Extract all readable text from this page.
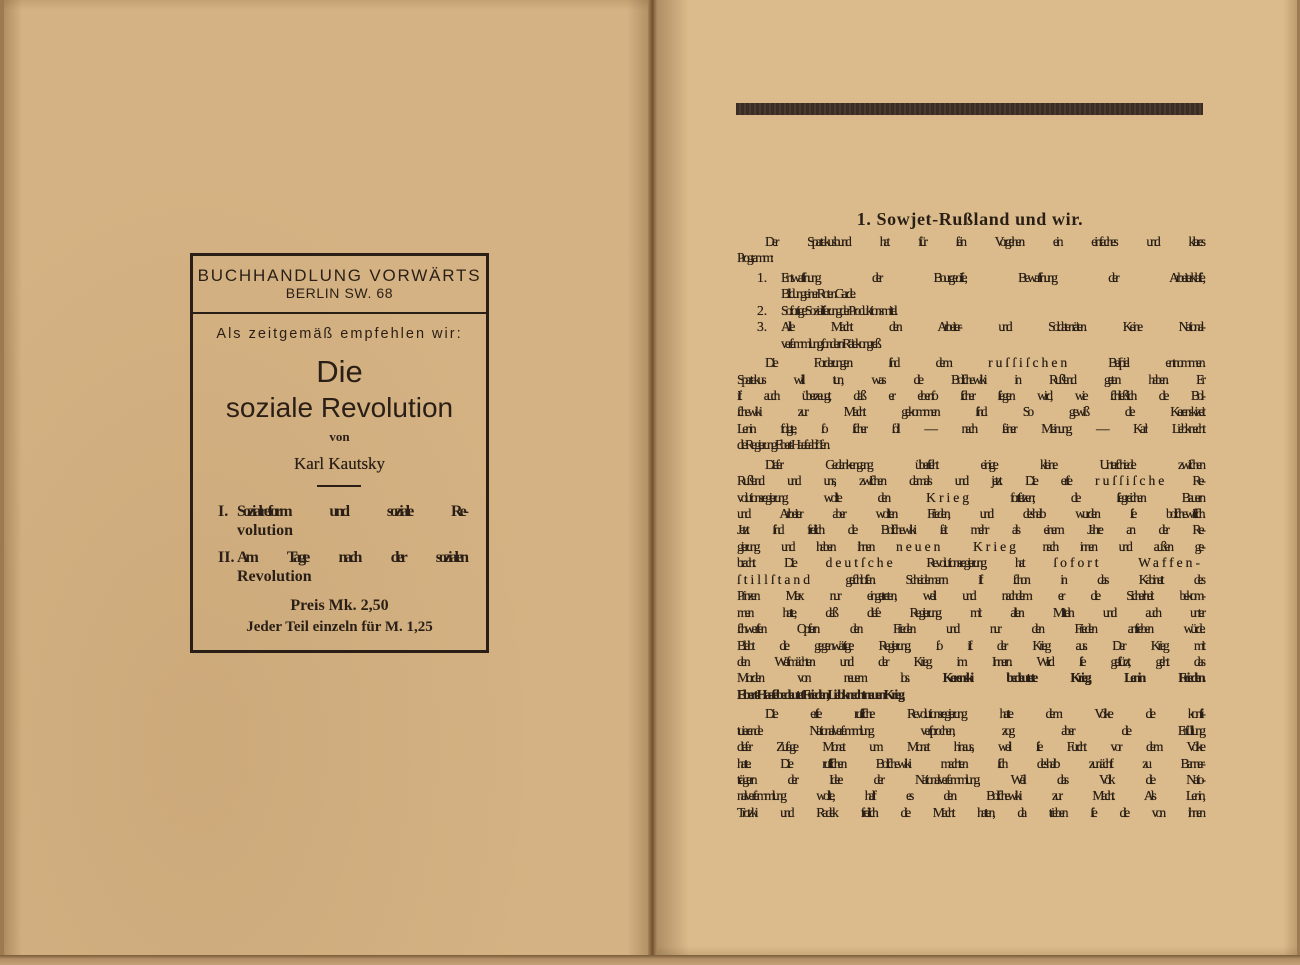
BUCHHANDLUNG VORWÄRTS
BERLIN SW. 68
Als zeitgemäß empfehlen wir:
Die
soziale Revolution
von
Karl Kautsky
I. Sozialreform und soziale Re-
volution
II. Am Tage nach der sozialen
Revolution
Preis Mk. 2,50
Jeder Teil einzeln für M. 1,25
1. Sowjet-Rußland und wir.
Der Spartakusbund hat für ſein Vorgehen ein einfaches und klares
Programm:
1. Entwaffnung der Bourgeoiſie, Bewaffnung der Arbeiterklaſſe,
Bildung einer Roten Garde.
2. Sofortige Sozialiſierung der Produktionsmittel.
3. Alle Macht den Arbeiter- und Soldatenräten. Keine National-
verſammlung, ſondern Rätekongreß.
Die Forderungen ſind dem ruſſiſchen Beiſpiel entnommen.
Spartakus will tun, was die Bolſchewiki in Rußland getan haben. Er
iſt auch überzeugt, daß er ebenſo ſicher ſiegen wird, wie ſchließlich die Bol-
ſchewiki zur Macht gekommen ſind. So gewiß die Kerenskizeit
Lenin folgte, ſo ſicher ſoll — nach ſeiner Meinung — Karl Liebknecht
die Regierung Ebert-Haaſe ablöſen.
Dieſer Gedankengang überſieht einige kleine Unterſchiede zwiſchen
Rußland und uns, zwiſchen damals und jetzt. Die erſte ruſſiſche Re-
volutionsregierung wollte den Krieg fortſetzen; die ſiegreichen Bauern
und Arbeiter aber wollten Frieden, und deshalb wurden ſie bolſchewiſtiſch.
Jetzt ſind freilich die Bolſchewiki ſeit mehr als einem Jahre an der Re-
gierung und haben ihnen neuen Krieg nach innen und außen ge-
bracht. Die deutſche Revolutionsregierung hat ſofort Waffen-
ſtillſtand geſchloſſen. Scheidemann iſt ſchon in das Kabinett des
Prinzen Max nur eingetreten, weil und nachdem er die Sicherheit bekom-
men hatte, daß dieſe Regierung mit allen Mitteln und auch unter
ſchwerſten Opfern den Frieden und nur den Frieden anſtreben würde.
Bleibt die gegenwärtige Regierung, ſo iſt der Krieg aus. Der Krieg mit
den Weſtmächten und der Krieg im Innern. Wird ſie geſtürzt, geht das
Morden von neuem los. Kerenski bedeutete Krieg, Lenin Frieden.
Ebert-Haaſe bedeutet Frieden, Liebknecht neuen Krieg.
Die erſte ruſſiſche Revolutionsregierung hatte dem Volke die konſti-
tuierende Nationalverſammlung verſprochen, zog aber die Erfüllung
dieſer Zuſage Monat um Monat hinaus, weil ſie Furcht vor dem Volke
hatte. Die ruſſiſchen Bolſchewiki machten ſich deshalb zunächſt zu Banner-
trägern der Idee der Nationalverſammlung. Weil das Volk die Natio-
nalverſammlung wollte, half es den Bolſchewiki zur Macht. Als Lenin,
Trotzki und Radek freilich die Macht hatten, da trieben ſie die von ihnen
